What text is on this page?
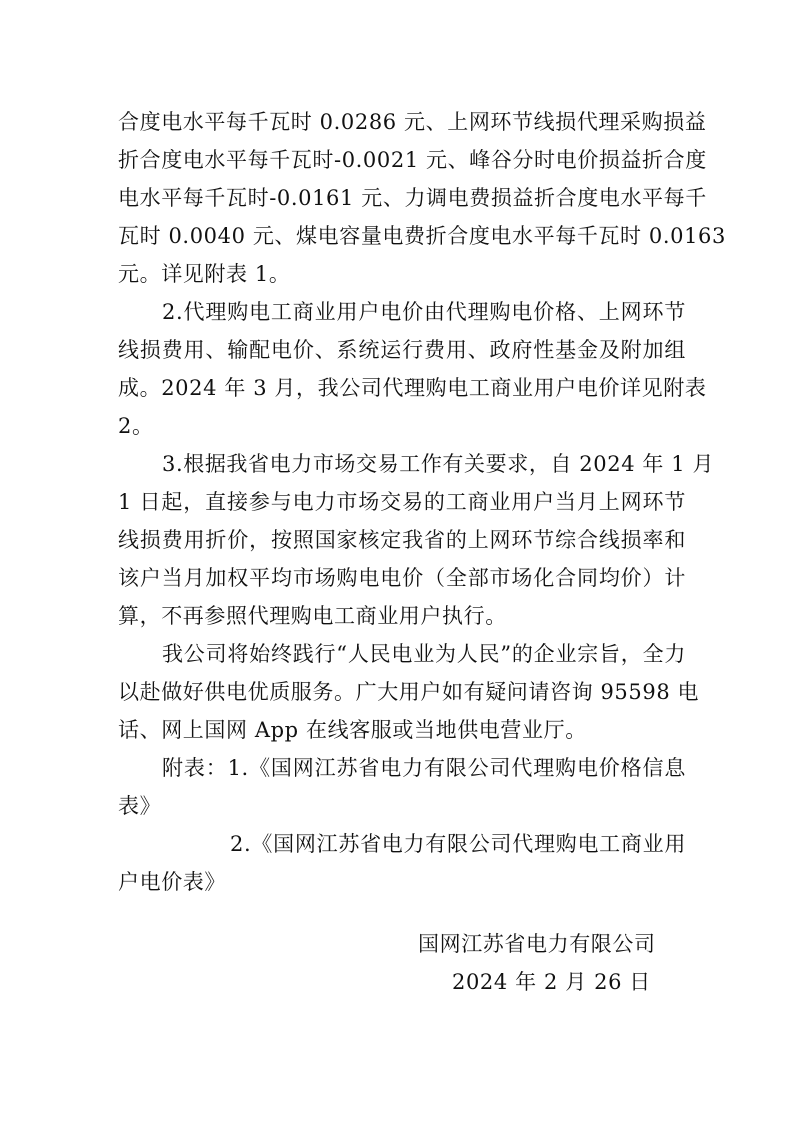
合度电水平每千瓦时 0.0286 元、上网环节线损代理采购损益
折合度电水平每千瓦时-0.0021 元、峰谷分时电价损益折合度
电水平每千瓦时-0.0161 元、力调电费损益折合度电水平每千
瓦时 0.0040 元、煤电容量电费折合度电水平每千瓦时 0.0163
元。详见附表 1。
2.代理购电工商业用户电价由代理购电价格、上网环节
线损费用、输配电价、系统运行费用、政府性基金及附加组
成。2024 年 3 月，我公司代理购电工商业用户电价详见附表
2。
3.根据我省电力市场交易工作有关要求，自 2024 年 1 月
1 日起，直接参与电力市场交易的工商业用户当月上网环节
线损费用折价，按照国家核定我省的上网环节综合线损率和
该户当月加权平均市场购电电价（全部市场化合同均价）计
算，不再参照代理购电工商业用户执行。
我公司将始终践行“人民电业为人民”的企业宗旨，全力
以赴做好供电优质服务。广大用户如有疑问请咨询 95598 电
话、网上国网 App 在线客服或当地供电营业厅。
附表：1.《国网江苏省电力有限公司代理购电价格信息
表》
2.《国网江苏省电力有限公司代理购电工商业用
户电价表》
国网江苏省电力有限公司
2024 年 2 月 26 日
